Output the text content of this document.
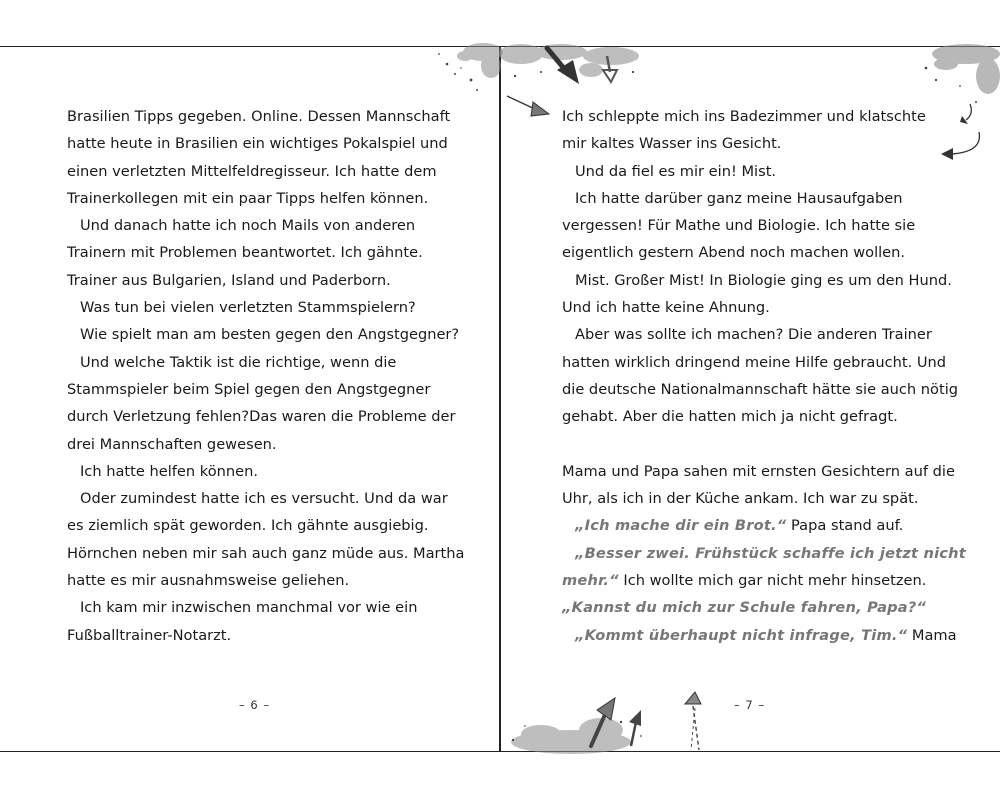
Brasilien Tipps gegeben. Online. Dessen Mannschaft
hatte heute in Brasilien ein wichtiges Pokalspiel und
einen verletzten Mittelfeldregisseur. Ich hatte dem
Trainerkollegen mit ein paar Tipps helfen können.
Und danach hatte ich noch Mails von anderen
Trainern mit Problemen beantwortet. Ich gähnte.
Trainer aus Bulgarien, Island und Paderborn.
Was tun bei vielen verletzten Stammspielern?
Wie spielt man am besten gegen den Angstgegner?
Und welche Taktik ist die richtige, wenn die
Stammspieler beim Spiel gegen den Angstgegner
durch Verletzung fehlen?Das waren die Probleme der
drei Mannschaften gewesen.
Ich hatte helfen können.
Oder zumindest hatte ich es versucht. Und da war
es ziemlich spät geworden. Ich gähnte ausgiebig.
Hörnchen neben mir sah auch ganz müde aus. Martha
hatte es mir ausnahmsweise geliehen.
Ich kam mir inzwischen manchmal vor wie ein
Fußballtrainer-Notarzt.
– 6 –
Ich schleppte mich ins Badezimmer und klatschte
mir kaltes Wasser ins Gesicht.
Und da fiel es mir ein! Mist.
Ich hatte darüber ganz meine Hausaufgaben
vergessen! Für Mathe und Biologie. Ich hatte sie
eigentlich gestern Abend noch machen wollen.
Mist. Großer Mist! In Biologie ging es um den Hund.
Und ich hatte keine Ahnung.
Aber was sollte ich machen? Die anderen Trainer
hatten wirklich dringend meine Hilfe gebraucht. Und
die deutsche Nationalmannschaft hätte sie auch nötig
gehabt. Aber die hatten mich ja nicht gefragt.
Mama und Papa sahen mit ernsten Gesichtern auf die
Uhr, als ich in der Küche ankam. Ich war zu spät.
„Ich mache dir ein Brot.“ Papa stand auf.
„Besser zwei. Frühstück schaffe ich jetzt nicht
mehr.“ Ich wollte mich gar nicht mehr hinsetzen.
„Kannst du mich zur Schule fahren, Papa?“
„Kommt überhaupt nicht infrage, Tim.“ Mama
– 7 –
